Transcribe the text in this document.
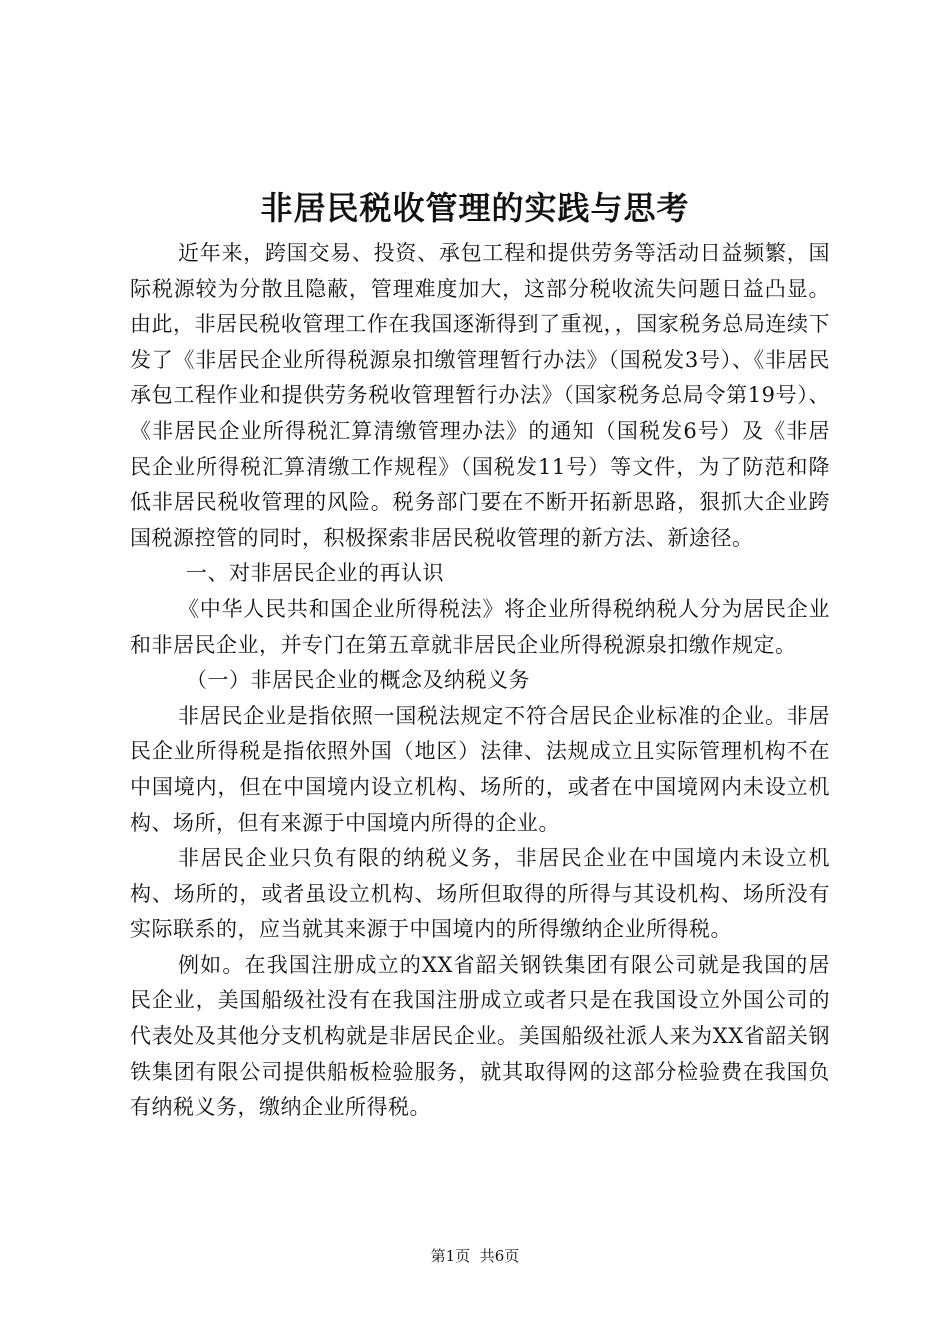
非居民税收管理的实践与思考

近年来，跨国交易、投资、承包工程和提供劳务等活动日益频繁，国际税源较为分散且隐蔽，管理难度加大，这部分税收流失问题日益凸显。由此，非居民税收管理工作在我国逐渐得到了重视，，国家税务总局连续下发了《非居民企业所得税源泉扣缴管理暂行办法》（国税发3号）、《非居民承包工程作业和提供劳务税收管理暂行办法》（国家税务总局令第19号）、《非居民企业所得税汇算清缴管理办法》的通知（国税发6号）及《非居民企业所得税汇算清缴工作规程》（国税发11号）等文件，为了防范和降低非居民税收管理的风险。税务部门要在不断开拓新思路，狠抓大企业跨国税源控管的同时，积极探索非居民税收管理的新方法、新途径。

一、对非居民企业的再认识

《中华人民共和国企业所得税法》将企业所得税纳税人分为居民企业和非居民企业，并专门在第五章就非居民企业所得税源泉扣缴作规定。

（一）非居民企业的概念及纳税义务

非居民企业是指依照一国税法规定不符合居民企业标准的企业。非居民企业所得税是指依照外国（地区）法律、法规成立且实际管理机构不在中国境内，但在中国境内设立机构、场所的，或者在中国境网内未设立机构、场所，但有来源于中国境内所得的企业。

非居民企业只负有限的纳税义务，非居民企业在中国境内未设立机构、场所的，或者虽设立机构、场所但取得的所得与其设机构、场所没有实际联系的，应当就其来源于中国境内的所得缴纳企业所得税。

例如。在我国注册成立的XX省韶关钢铁集团有限公司就是我国的居民企业，美国船级社没有在我国注册成立或者只是在我国设立外国公司的代表处及其他分支机构就是非居民企业。美国船级社派人来为XX省韶关钢铁集团有限公司提供船板检验服务，就其取得网的这部分检验费在我国负有纳税义务，缴纳企业所得税。

第1页 共6页
